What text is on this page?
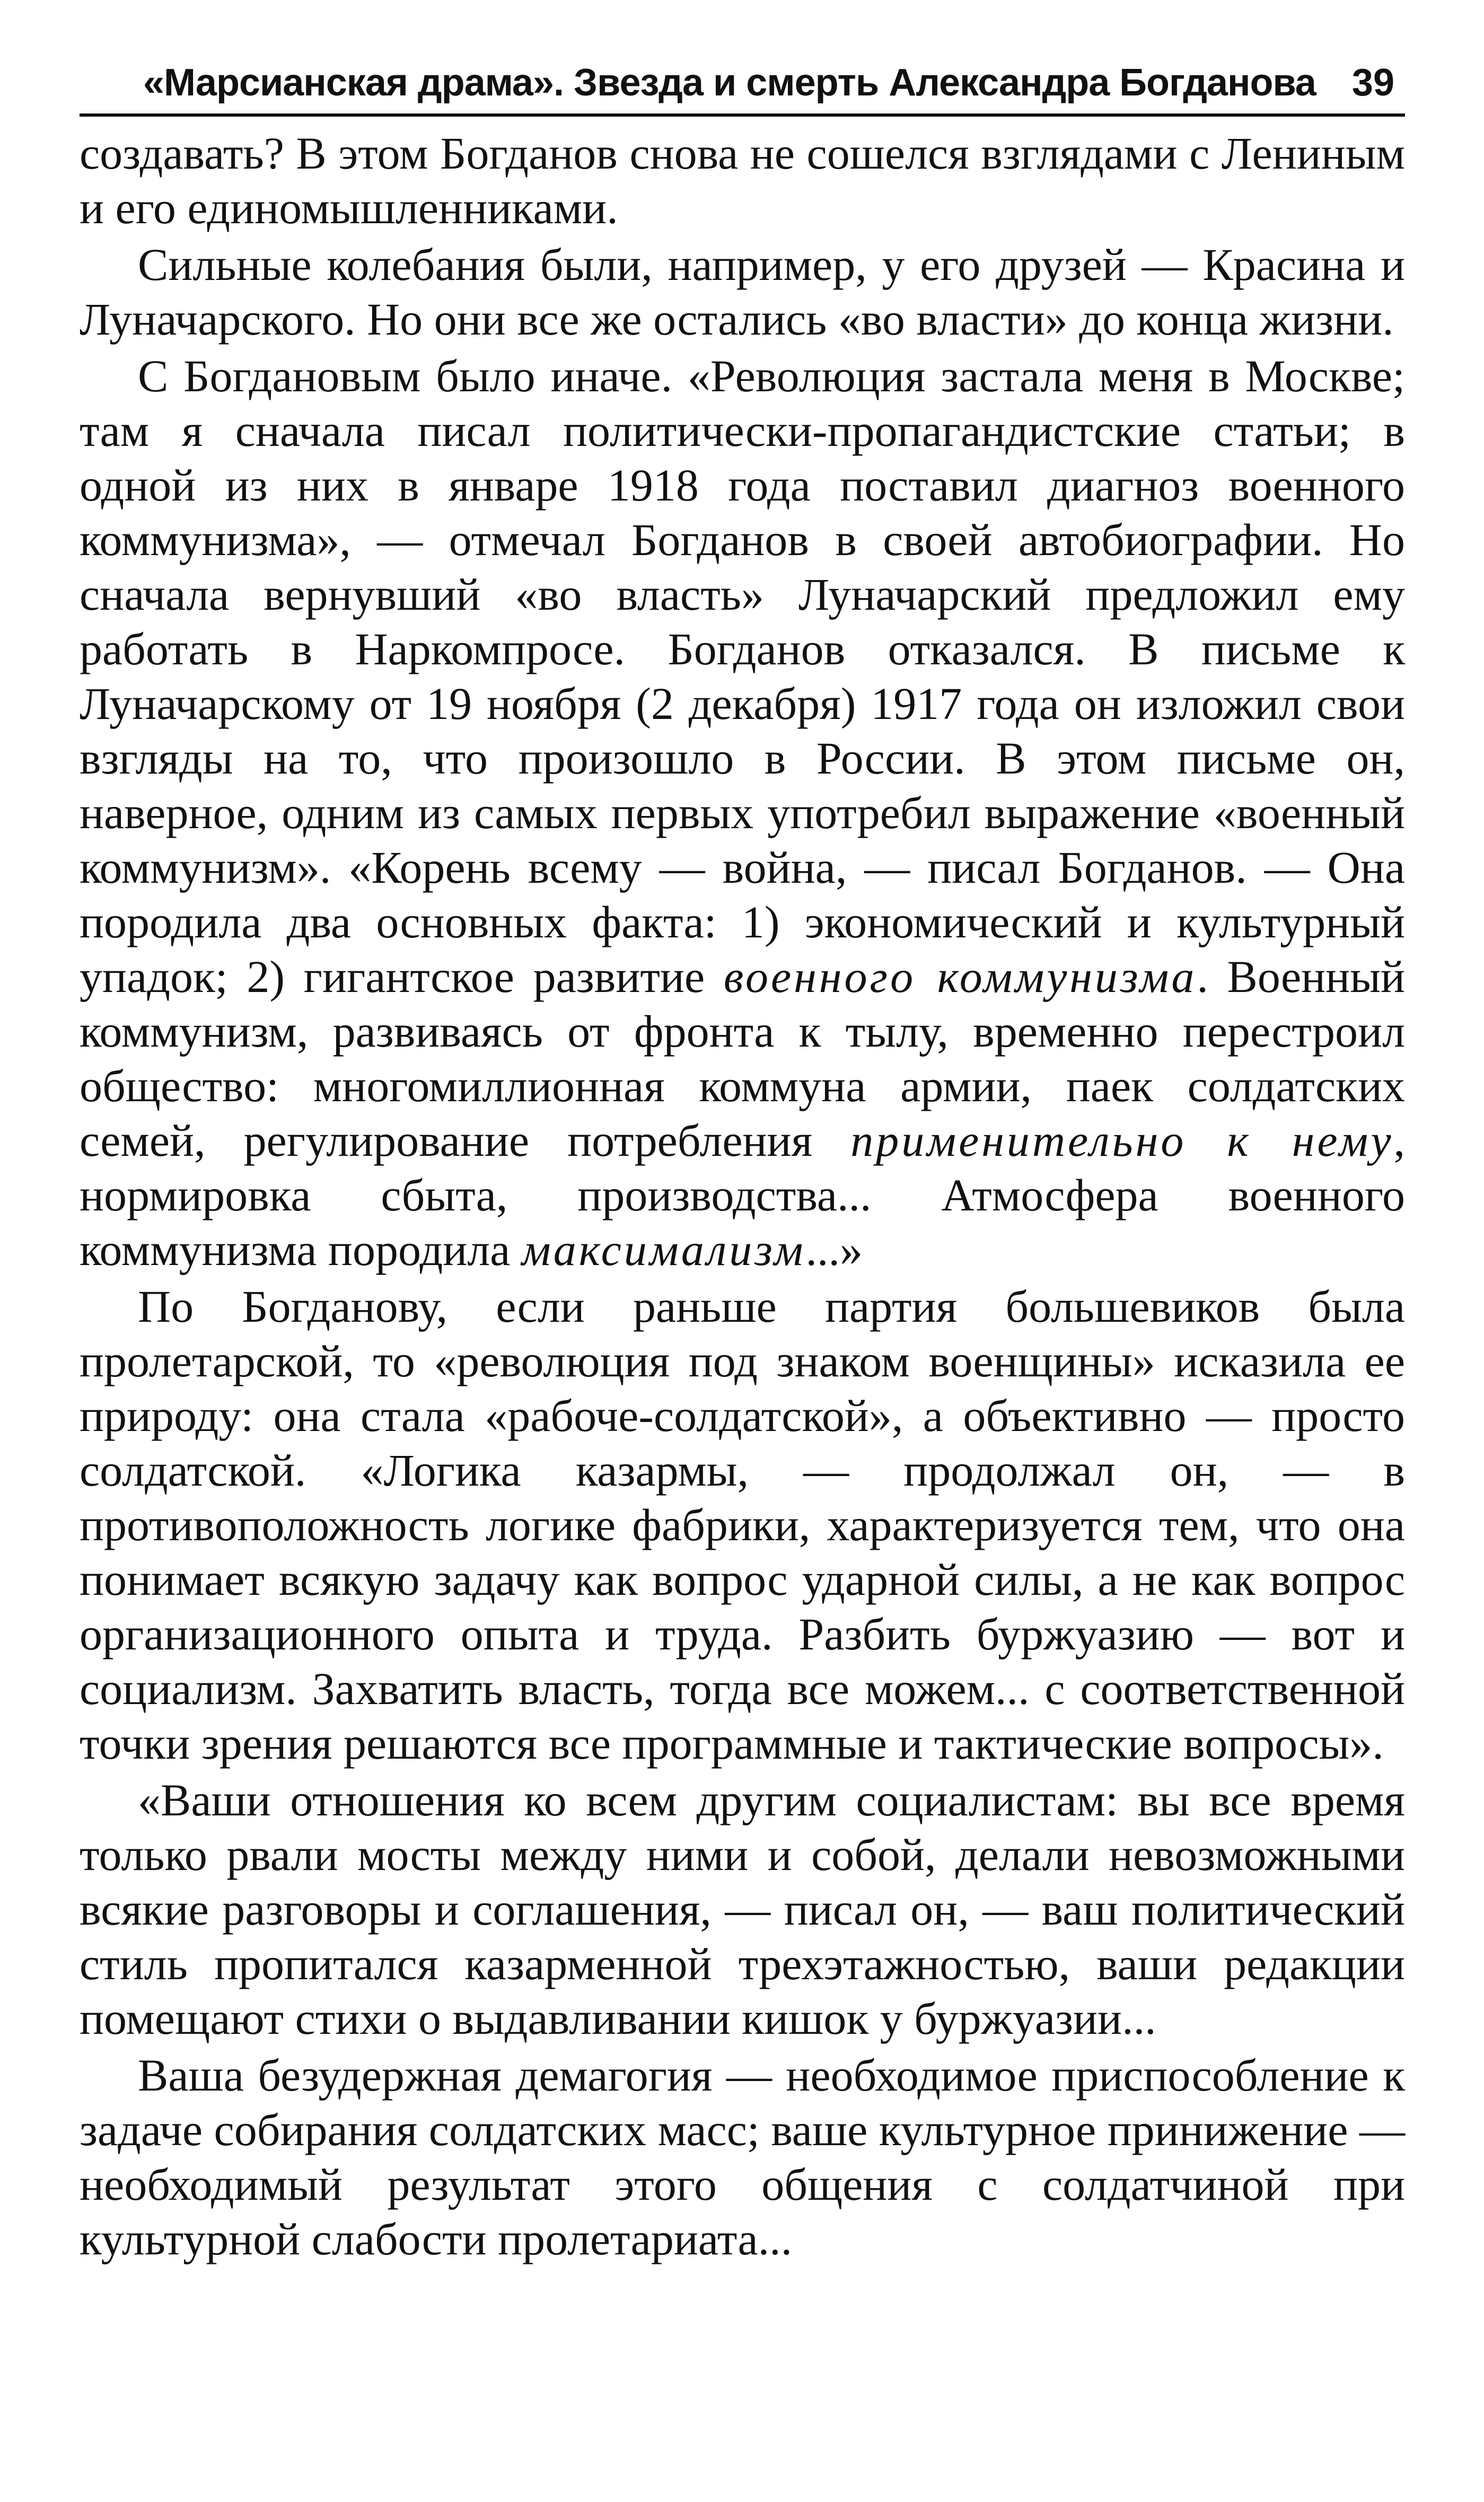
«Марсианская драма». Звезда и смерть Александра Богданова 39

создавать? В этом Богданов снова не сошелся взглядами с Лениным и его единомышленниками.

Сильные колебания были, например, у его друзей — Красина и Луначарского. Но они все же остались «во власти» до конца жизни.

С Богдановым было иначе. «Революция застала меня в Москве; там я сначала писал политически-пропагандистские статьи; в одной из них в январе 1918 года поставил диагноз военного коммунизма», — отмечал Богданов в своей автобиографии. Но сначала вернувший «во власть» Луначарский предложил ему работать в Наркомпросе. Богданов отказался. В письме к Луначарскому от 19 ноября (2 декабря) 1917 года он изложил свои взгляды на то, что произошло в России. В этом письме он, наверное, одним из самых первых употребил выражение «военный коммунизм». «Корень всему — война, — писал Богданов. — Она породила два основных факта: 1) экономический и культурный упадок; 2) гигантское развитие военного коммунизма. Военный коммунизм, развиваясь от фронта к тылу, временно перестроил общество: многомиллионная коммуна армии, паек солдатских семей, регулирование потребления применительно к нему, нормировка сбыта, производства... Атмосфера военного коммунизма породила максимализм...»

По Богданову, если раньше партия большевиков была пролетарской, то «революция под знаком военщины» исказила ее природу: она стала «рабоче-солдатской», а объективно — просто солдатской. «Логика казармы, — продолжал он, — в противоположность логике фабрики, характеризуется тем, что она понимает всякую задачу как вопрос ударной силы, а не как вопрос организационного опыта и труда. Разбить буржуазию — вот и социализм. Захватить власть, тогда все можем... с соответственной точки зрения решаются все программные и тактические вопросы».

«Ваши отношения ко всем другим социалистам: вы все время только рвали мосты между ними и собой, делали невозможными всякие разговоры и соглашения, — писал он, — ваш политический стиль пропитался казарменной трехэтажностью, ваши редакции помещают стихи о выдавливании кишок у буржуазии...

Ваша безудержная демагогия — необходимое приспособление к задаче собирания солдатских масс; ваше культурное принижение — необходимый результат этого общения с солдатчиной при культурной слабости пролетариата...
